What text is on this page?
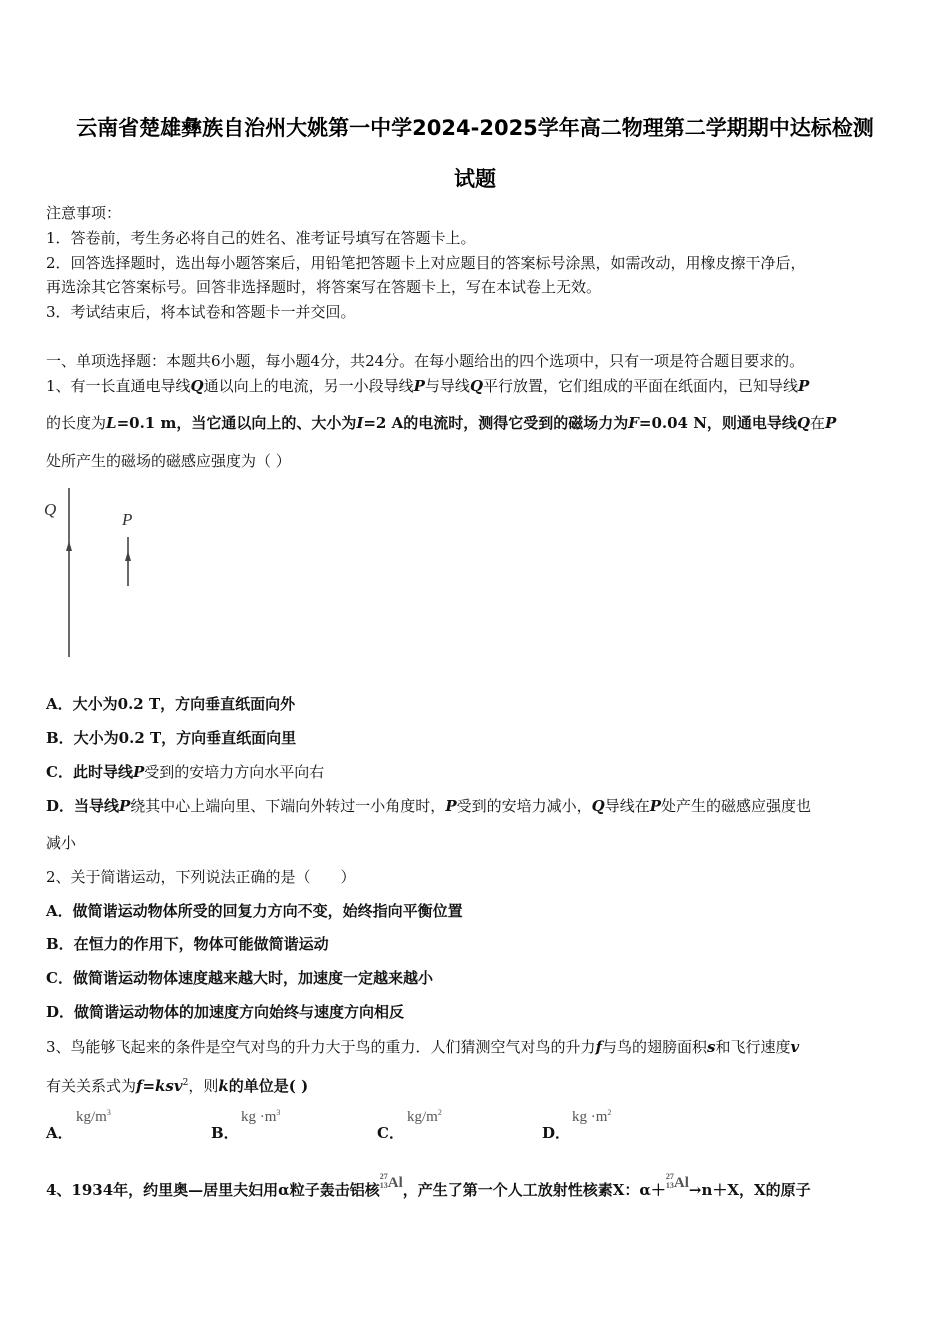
云南省楚雄彝族自治州大姚第一中学2024-2025学年高二物理第二学期期中达标检测
试题
注意事项：
1．答卷前，考生务必将自己的姓名、准考证号填写在答题卡上。
2．回答选择题时，选出每小题答案后，用铅笔把答题卡上对应题目的答案标号涂黑，如需改动，用橡皮擦干净后，
再选涂其它答案标号。回答非选择题时，将答案写在答题卡上，写在本试卷上无效。
3．考试结束后，将本试卷和答题卡一并交回。
一、单项选择题：本题共6小题，每小题4分，共24分。在每小题给出的四个选项中，只有一项是符合题目要求的。
1、有一长直通电导线Q通以向上的电流，另一小段导线P与导线Q平行放置，它们组成的平面在纸面内，已知导线P
的长度为L=0.1 m，当它通以向上的、大小为I=2 A的电流时，测得它受到的磁场力为F=0.04 N，则通电导线Q在P
处所产生的磁场的磁感应强度为（ ）
Q
P
A．大小为0.2 T，方向垂直纸面向外
B．大小为0.2 T，方向垂直纸面向里
C．此时导线P受到的安培力方向水平向右
D．当导线P绕其中心上端向里、下端向外转过一小角度时，P受到的安培力减小，Q导线在P处产生的磁感应强度也
减小
2、关于简谐运动，下列说法正确的是（　　）
A．做简谐运动物体所受的回复力方向不变，始终指向平衡位置
B．在恒力的作用下，物体可能做简谐运动
C．做简谐运动物体速度越来越大时，加速度一定越来越小
D．做简谐运动物体的加速度方向始终与速度方向相反
3、鸟能够飞起来的条件是空气对鸟的升力大于鸟的重力．人们猜测空气对鸟的升力f与鸟的翅膀面积s和飞行速度v
有关关系式为f=ksv$^2$，则k的单位是( )
A．
$kg/m^3$
B．
kg $\cdot m^3$
C．
$kg/m^2$
D．
kg $\cdot m^2$
4、1934年，约里奥—居里夫妇用α粒子轰击铝核27
13Al，产生了第一个人工放射性核素X：α＋27
13Al→n＋X，X的原子
